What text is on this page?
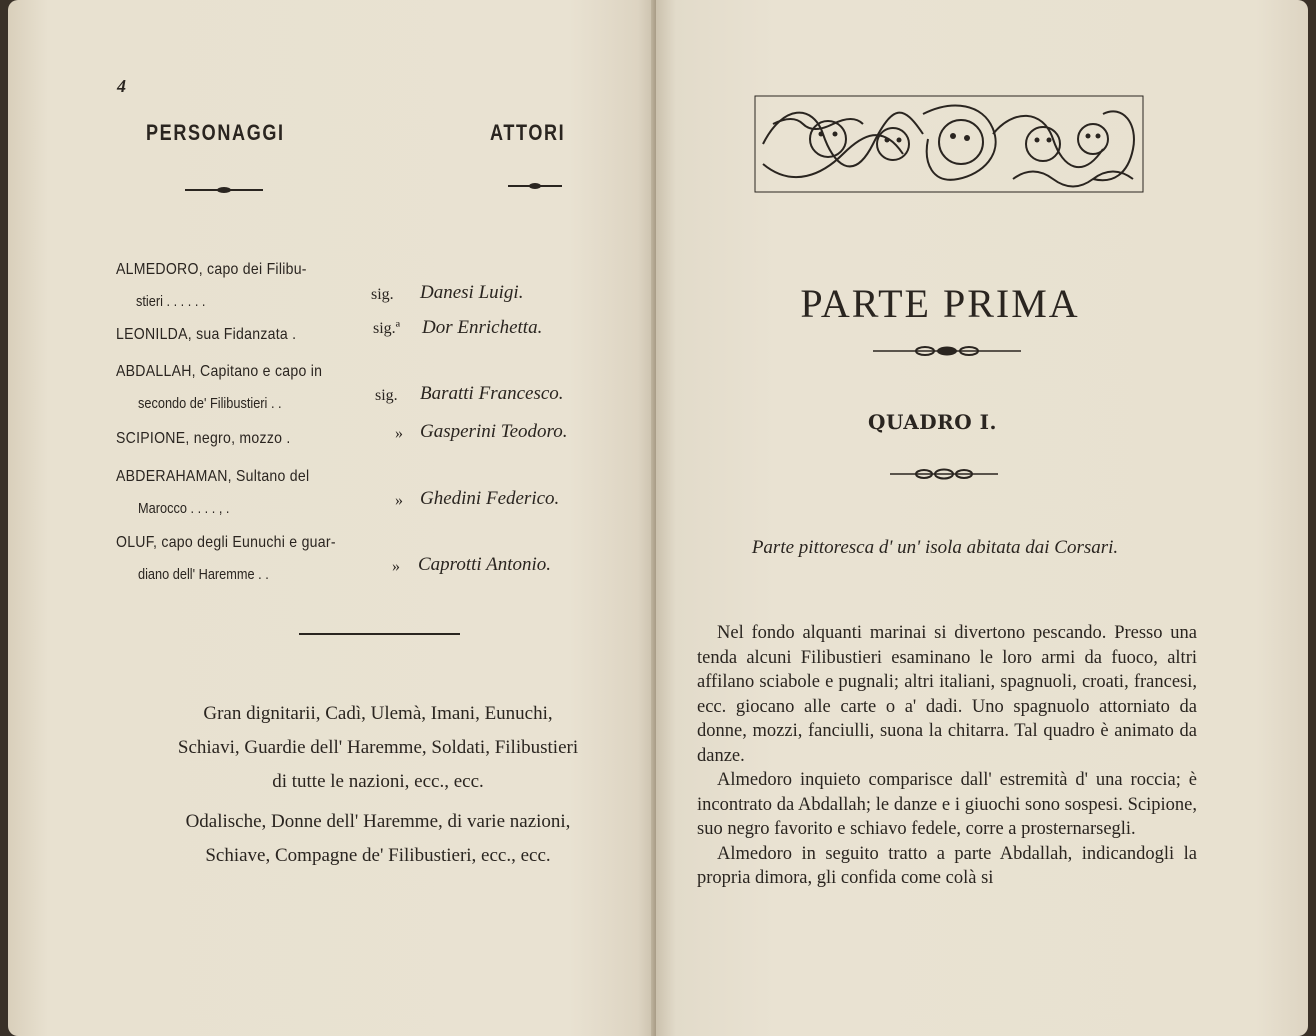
4
PERSONAGGI	ATTORI
ALMEDORO, capo dei Filibu-
stieri . . . . . .	sig. Danesi Luigi.
LEONILDA, sua Fidanzata .	sig.ª Dor Enrichetta.
ABDALLAH, Capitano e capo in
secondo de' Filibustieri . .	sig. Baratti Francesco.
SCIPIONE, negro, mozzo .	» Gasperini Teodoro.
ABDERAHAMAN, Sultano del
Marocco . . . . , .	» Ghedini Federico.
OLUF, capo degli Eunuchi e guar-
diano dell' Haremme . .	» Caprotti Antonio.
Gran dignitarii, Cadì, Ulemà, Imani, Eunuchi,
Schiavi, Guardie dell' Haremme, Soldati, Filibustieri
di tutte le nazioni, ecc., ecc.
Odalische, Donne dell' Haremme, di varie nazioni,
Schiave, Compagne de' Filibustieri, ecc., ecc.
PARTE PRIMA
QUADRO I.
Parte pittoresca d' un' isola abitata dai Corsari.

Nel fondo alquanti marinai si divertono pescando. Presso una tenda alcuni Filibustieri esaminano le loro armi da fuoco, altri affilano sciabole e pugnali; altri italiani, spagnuoli, croati, francesi, ecc. giocano alle carte o a' dadi. Uno spagnuolo attorniato da donne, mozzi, fanciulli, suona la chitarra. Tal quadro è animato da danze.

Almedoro inquieto comparisce dall' estremità d' una roccia; è incontrato da Abdallah; le danze e i giuochi sono sospesi. Scipione, suo negro favorito e schiavo fedele, corre a prosternarsegli.

Almedoro in seguito tratto a parte Abdallah, indicandogli la propria dimora, gli confida come colà si
